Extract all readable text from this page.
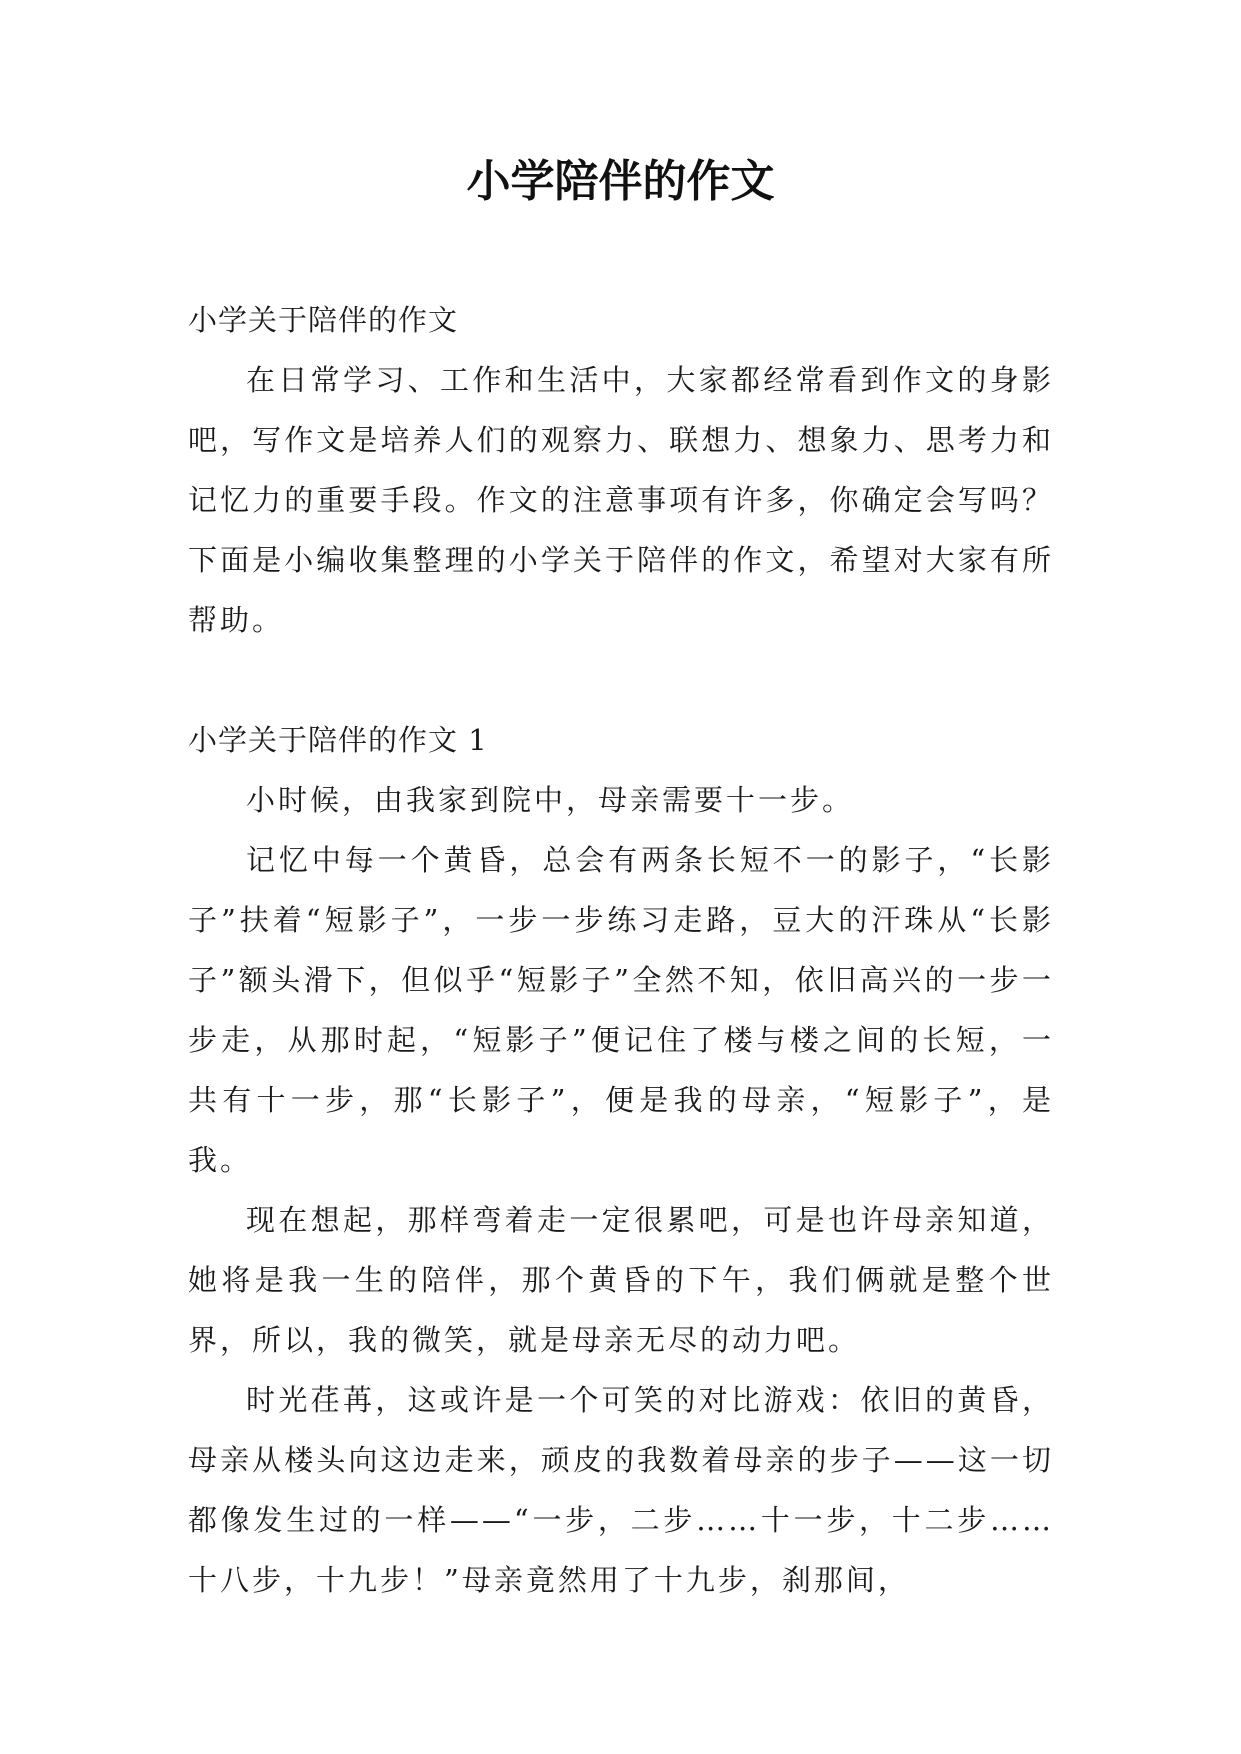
小学陪伴的作文

小学关于陪伴的作文

在日常学习、工作和生活中，大家都经常看到作文的身影吧，写作文是培养人们的观察力、联想力、想象力、思考力和记忆力的重要手段。作文的注意事项有许多，你确定会写吗？下面是小编收集整理的小学关于陪伴的作文，希望对大家有所帮助。

小学关于陪伴的作文 1

小时候，由我家到院中，母亲需要十一步。

记忆中每一个黄昏，总会有两条长短不一的影子，“长影子”扶着“短影子”，一步一步练习走路，豆大的汗珠从“长影子”额头滑下，但似乎“短影子”全然不知，依旧高兴的一步一步走，从那时起，“短影子”便记住了楼与楼之间的长短，一共有十一步，那“长影子”，便是我的母亲，“短影子”，是我。

现在想起，那样弯着走一定很累吧，可是也许母亲知道，她将是我一生的陪伴，那个黄昏的下午，我们俩就是整个世界，所以，我的微笑，就是母亲无尽的动力吧。

时光荏苒，这或许是一个可笑的对比游戏：依旧的黄昏，母亲从楼头向这边走来，顽皮的我数着母亲的步子——这一切都像发生过的一样——“一步，二步……十一步，十二步……十八步，十九步！”母亲竟然用了十九步，刹那间，
